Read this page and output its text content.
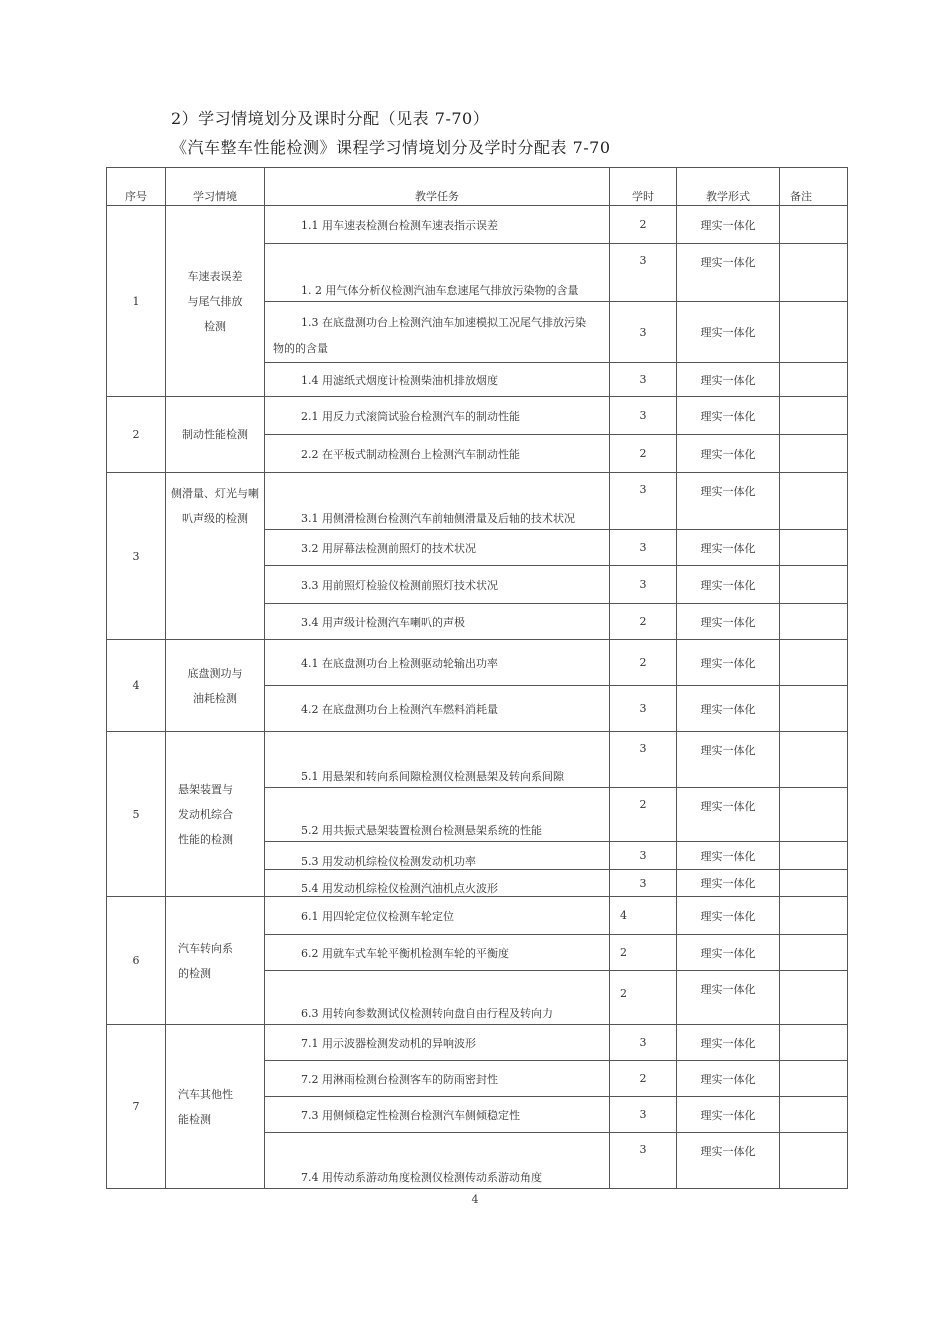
2）学习情境划分及课时分配（见表 7-70）
《汽车整车性能检测》课程学习情境划分及学时分配表 7-70
序号	学习情境	教学任务	学时	教学形式	备注
1	车速表误差
与尾气排放
检测	1.1 用车速表检测台检测车速表指示误差	2	理实一体化	
		1. 2 用气体分析仪检测汽油车怠速尾气排放污染物的含量	3	理实一体化	

		1.3 在底盘测功台上检测汽油车加速模拟工况尾气排放污染
物的的含量	3	理实一体化	
		1.4 用滤纸式烟度计检测柴油机排放烟度	3	理实一体化	
2	制动性能检测	2.1 用反力式滚筒试验台检测汽车的制动性能	3	理实一体化	
		2.2 在平板式制动检测台上检测汽车制动性能	2	理实一体化	
3	侧滑量、灯光与喇
叭声级的检测	3.1 用侧滑检测台检测汽车前轴侧滑量及后轴的技术状况	3	理实一体化	
		3.2 用屏幕法检测前照灯的技术状况	3	理实一体化	
		3.3 用前照灯检验仪检测前照灯技术状况	3	理实一体化	
		3.4 用声级计检测汽车喇叭的声极	2	理实一体化	
4	底盘测功与
油耗检测	4.1 在底盘测功台上检测驱动轮输出功率	2	理实一体化	
		4.2 在底盘测功台上检测汽车燃料消耗量	3	理实一体化	
5	悬架装置与
发动机综合
性能的检测	5.1 用悬架和转向系间隙检测仪检测悬架及转向系间隙	3	理实一体化	
		5.2 用共振式悬架装置检测台检测悬架系统的性能	2	理实一体化	
		5.3 用发动机综检仪检测发动机功率	3	理实一体化	
		5.4 用发动机综检仪检测汽油机点火波形	3	理实一体化	
6	汽车转向系
的检测	6.1 用四轮定位仪检测车轮定位	4	理实一体化	
		6.2 用就车式车轮平衡机检测车轮的平衡度	2	理实一体化	
		6.3 用转向参数测试仪检测转向盘自由行程及转向力	2	理实一体化	
7	汽车其他性
能检测	7.1 用示波器检测发动机的异响波形	3	理实一体化	
		7.2 用淋雨检测台检测客车的防雨密封性	2	理实一体化	
		7.3 用侧倾稳定性检测台检测汽车侧倾稳定性	3	理实一体化	
		7.4 用传动系游动角度检测仪检测传动系游动角度	3	理实一体化	
4
